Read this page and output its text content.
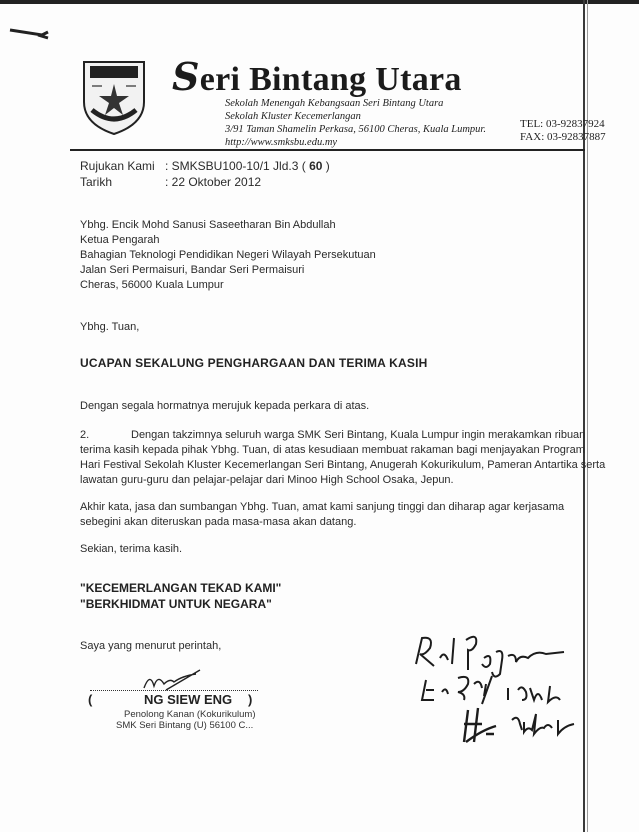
Seri Bintang Utara
Sekolah Menengah Kebangsaan Seri Bintang Utara
Sekolah Kluster Kecemerlangan
3/91 Taman Shamelin Perkasa, 56100 Cheras, Kuala Lumpur.
http://www.smksbu.edu.my
TEL: 03-92837924
FAX: 03-92837887
Rujukan Kami : SMKSBU100-10/1 Jld.3 ( 60 )
Tarikh	: 22 Oktober 2012
Ybhg. Encik Mohd Sanusi Saseetharan Bin Abdullah
Ketua Pengarah
Bahagian Teknologi Pendidikan Negeri Wilayah Persekutuan
Jalan Seri Permaisuri, Bandar Seri Permaisuri
Cheras, 56000 Kuala Lumpur
Ybhg. Tuan,
UCAPAN SEKALUNG PENGHARGAAN DAN TERIMA KASIH
Dengan segala hormatnya merujuk kepada perkara di atas.
2.	Dengan takzimnya seluruh warga SMK Seri Bintang, Kuala Lumpur ingin merakamkan ribuan
terima kasih kepada pihak Ybhg. Tuan, di atas kesudiaan membuat rakaman bagi menjayakan Program
Hari Festival Sekolah Kluster Kecemerlangan Seri Bintang, Anugerah Kokurikulum, Pameran Antartika serta
lawatan guru-guru dan pelajar-pelajar dari Minoo High School Osaka, Jepun.
Akhir kata, jasa dan sumbangan Ybhg. Tuan, amat kami sanjung tinggi dan diharap agar kerjasama
sebegini akan diteruskan pada masa-masa akan datang.
Sekian, terima kasih.
"KECEMERLANGAN TEKAD KAMI"
"BERKHIDMAT UNTUK NEGARA"
Saya yang menurut perintah,
(	NG SIEW ENG )
Penolong Kanan (Kokurikulum)
SMK Seri Bintang (U) 56100 C...
